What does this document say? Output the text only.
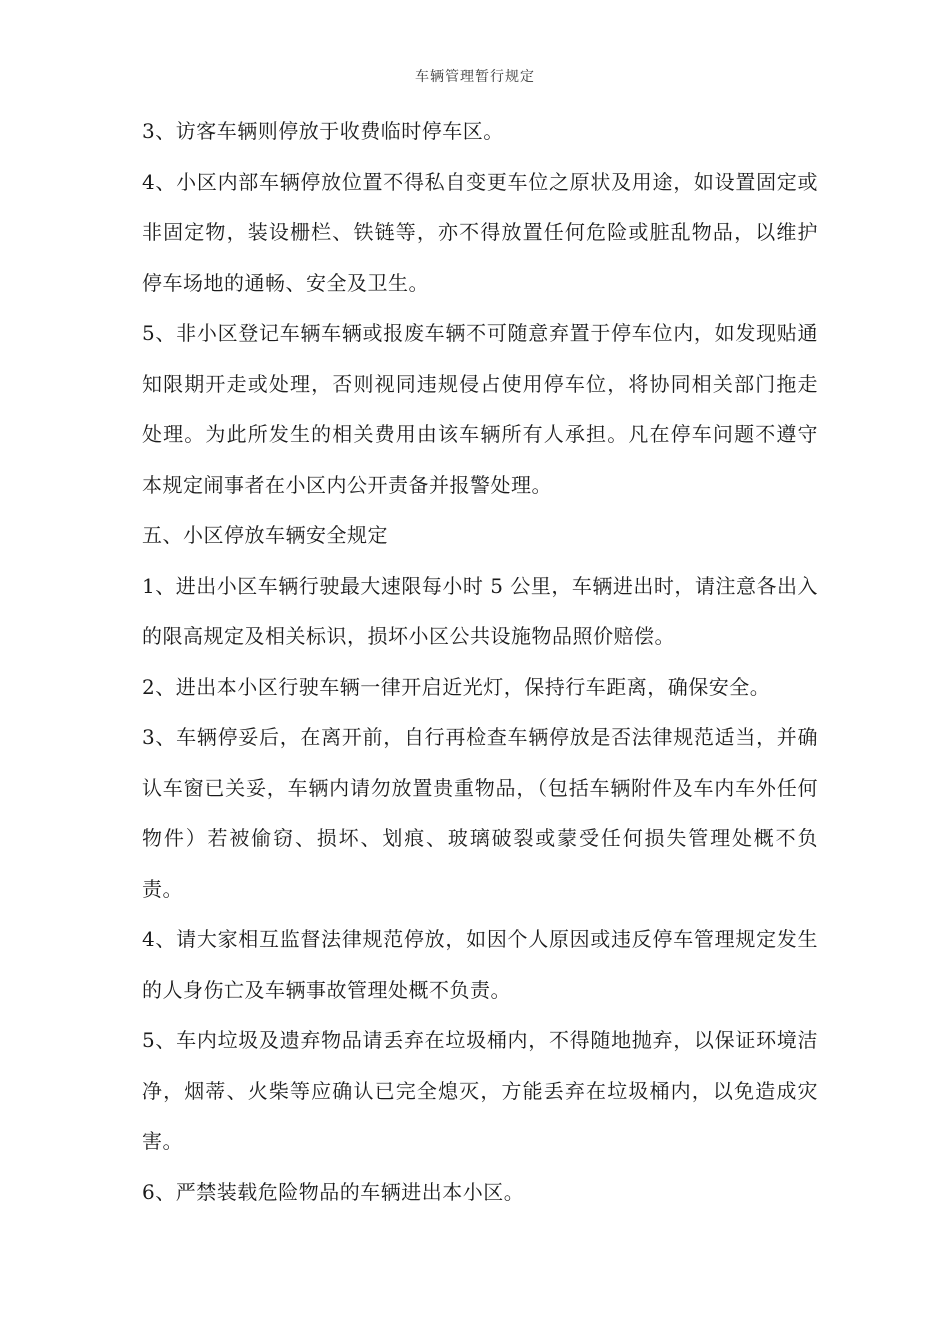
车辆管理暂行规定

3、访客车辆则停放于收费临时停车区。

4、小区内部车辆停放位置不得私自变更车位之原状及用途，如设置固定或非固定物，装设栅栏、铁链等，亦不得放置任何危险或脏乱物品，以维护停车场地的通畅、安全及卫生。

5、非小区登记车辆车辆或报废车辆不可随意弃置于停车位内，如发现贴通知限期开走或处理，否则视同违规侵占使用停车位，将协同相关部门拖走处理。为此所发生的相关费用由该车辆所有人承担。凡在停车问题不遵守本规定闹事者在小区内公开责备并报警处理。

五、小区停放车辆安全规定

1、进出小区车辆行驶最大速限每小时 5 公里，车辆进出时，请注意各出入的限高规定及相关标识，损坏小区公共设施物品照价赔偿。

2、进出本小区行驶车辆一律开启近光灯，保持行车距离，确保安全。

3、车辆停妥后，在离开前，自行再检查车辆停放是否法律规范适当，并确认车窗已关妥，车辆内请勿放置贵重物品，（包括车辆附件及车内车外任何物件）若被偷窃、损坏、划痕、玻璃破裂或蒙受任何损失管理处概不负责。

4、请大家相互监督法律规范停放，如因个人原因或违反停车管理规定发生的人身伤亡及车辆事故管理处概不负责。

5、车内垃圾及遗弃物品请丢弃在垃圾桶内，不得随地抛弃，以保证环境洁净，烟蒂、火柴等应确认已完全熄灭，方能丢弃在垃圾桶内，以免造成灾害。

6、严禁装载危险物品的车辆进出本小区。
